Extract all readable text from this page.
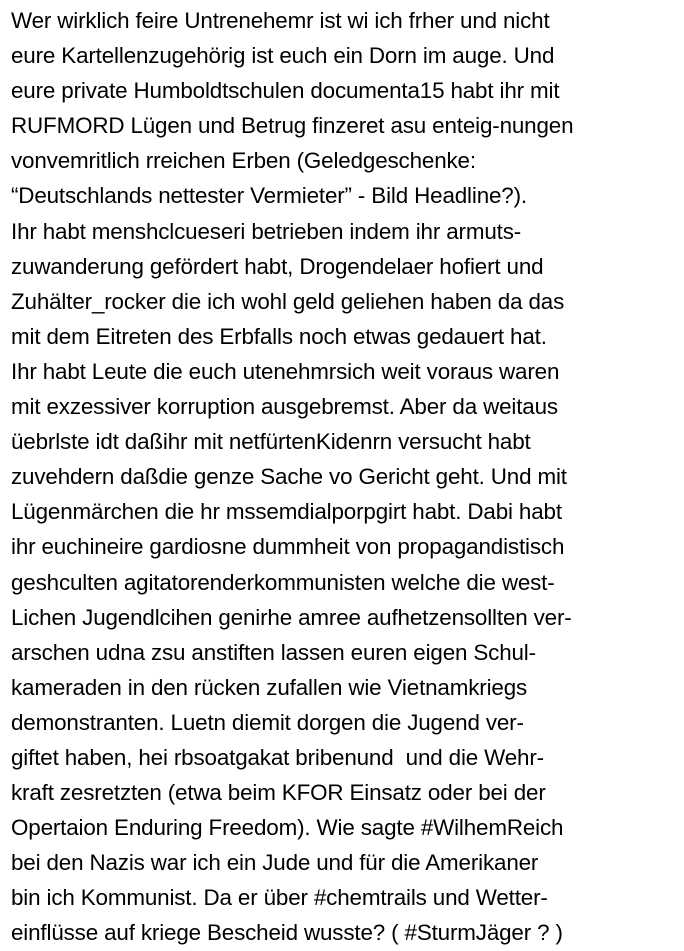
Wer wirklich feire Untrenehemr ist wi ich frher und nicht
eure Kartellenzugehörig ist euch ein Dorn im auge. Und
eure private Humboldtschulen documenta15 habt ihr mit
RUFMORD Lügen und Betrug finzeret asu enteig-nungen
vonvemritlich rreichen Erben (Geledgeschenke:
“Deutschlands nettester Vermieter” - Bild Headline?).
Ihr habt menshclcueseri betrieben indem ihr armuts-
zuwanderung gefördert habt, Drogendelaer hofiert und
Zuhälter_rocker die ich wohl geld geliehen haben da das
mit dem Eitreten des Erbfalls noch etwas gedauert hat.
Ihr habt Leute die euch utenehmrsich weit voraus waren
mit exzessiver korruption ausgebremst. Aber da weitaus
üebrlste idt daßihr mit netfürtenKidenrn versucht habt
zuvehdern daßdie genze Sache vo Gericht geht. Und mit
Lügenmärchen die hr mssemdialporpgirt habt. Dabi habt
ihr euchineire gardiosne dummheit von propagandistisch
geshculten agitatorenderkommunisten welche die west-
Lichen Jugendlcihen genirhe amree aufhetzensollten ver-
arschen udna zsu anstiften lassen euren eigen Schul-
kameraden in den rücken zufallen wie Vietnamkriegs
demonstranten. Luetn diemit dorgen die Jugend ver-
giftet haben, hei rbsoatgakat bribenund  und die Wehr-
kraft zesretzten (etwa beim KFOR Einsatz oder bei der
Opertaion Enduring Freedom). Wie sagte #WilhemReich
bei den Nazis war ich ein Jude und für die Amerikaner
bin ich Kommunist. Da er über #chemtrails und Wetter-
einflüsse auf kriege Bescheid wusste? ( #SturmJäger ? )
